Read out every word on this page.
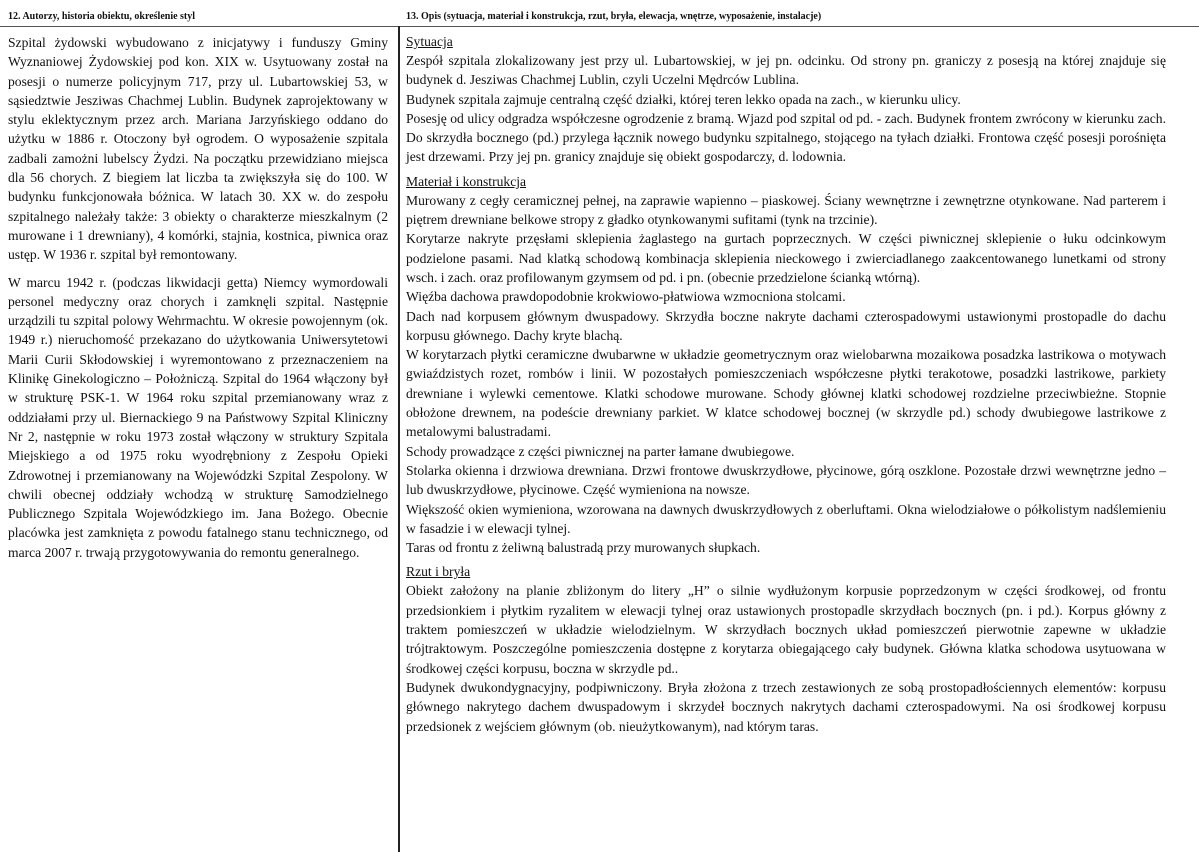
12. Autorzy, historia obiektu, określenie styl	13. Opis (sytuacja, materiał i konstrukcja, rzut, bryła, elewacja, wnętrze, wyposażenie, instalacje)

Szpital żydowski wybudowano z inicjatywy i funduszy Gminy Wyznaniowej Żydowskiej pod kon. XIX w. Usytuowany został na posesji o numerze policyjnym 717, przy ul. Lubartowskiej 53, w sąsiedztwie Jesziwas Chachmej Lublin. Budynek zaprojektowany w stylu eklektycznym przez arch. Mariana Jarzyńskiego oddano do użytku w 1886 r. Otoczony był ogrodem. O wyposażenie szpitala zadbali zamożni lubelscy Żydzi. Na początku przewidziano miejsca dla 56 chorych. Z biegiem lat liczba ta zwiększyła się do 100. W budynku funkcjonowała bóżnica. W latach 30. XX w. do zespołu szpitalnego należały także: 3 obiekty o charakterze mieszkalnym (2 murowane i 1 drewniany), 4 komórki, stajnia, kostnica, piwnica oraz ustęp. W 1936 r. szpital był remontowany.

W marcu 1942 r. (podczas likwidacji getta) Niemcy wymordowali personel medyczny oraz chorych i zamknęli szpital. Następnie urządzili tu szpital polowy Wehrmachtu. W okresie powojennym (ok. 1949 r.) nieruchomość przekazano do użytkowania Uniwersytetowi Marii Curii Skłodowskiej i wyremontowano z przeznaczeniem na Klinikę Ginekologiczno – Położniczą. Szpital do 1964 włączony był w strukturę PSK-1. W 1964 roku szpital przemianowany wraz z oddziałami przy ul. Biernackiego 9 na Państwowy Szpital Kliniczny Nr 2, następnie w roku 1973 został włączony w struktury Szpitala Miejskiego a od 1975 roku wyodrębniony z Zespołu Opieki Zdrowotnej i przemianowany na Wojewódzki Szpital Zespolony. W chwili obecnej oddziały wchodzą w strukturę Samodzielnego Publicznego Szpitala Wojewódzkiego im. Jana Bożego. Obecnie placówka jest zamknięta z powodu fatalnego stanu technicznego, od marca 2007 r. trwają przygotowywania do remontu generalnego.

Sytuacja

Zespół szpitala zlokalizowany jest przy ul. Lubartowskiej, w jej pn. odcinku. Od strony pn. graniczy z posesją na której znajduje się budynek d. Jesziwas Chachmej Lublin, czyli Uczelni Mędrców Lublina.

Budynek szpitala zajmuje centralną część działki, której teren lekko opada na zach., w kierunku ulicy.

Posesję od ulicy odgradza współczesne ogrodzenie z bramą. Wjazd pod szpital od pd. - zach. Budynek frontem zwrócony w kierunku zach. Do skrzydła bocznego (pd.) przylega łącznik nowego budynku szpitalnego, stojącego na tyłach działki. Frontowa część posesji porośnięta jest drzewami. Przy jej pn. granicy znajduje się obiekt gospodarczy, d. lodownia.

Materiał i konstrukcja

Murowany z cegły ceramicznej pełnej, na zaprawie wapienno – piaskowej. Ściany wewnętrzne i zewnętrzne otynkowane. Nad parterem i piętrem drewniane belkowe stropy z gładko otynkowanymi sufitami (tynk na trzcinie).

Korytarze nakryte przęsłami sklepienia żaglastego na gurtach poprzecznych. W części piwnicznej sklepienie o łuku odcinkowym podzielone pasami. Nad klatką schodową kombinacja sklepienia nieckowego i zwierciadlanego zaakcentowanego lunetkami od strony wsch. i zach. oraz profilowanym gzymsem od pd. i pn. (obecnie przedzielone ścianką wtórną).

Więźba dachowa prawdopodobnie krokwiowo-płatwiowa wzmocniona stolcami.

Dach nad korpusem głównym dwuspadowy. Skrzydła boczne nakryte dachami czterospadowymi ustawionymi prostopadle do dachu korpusu głównego. Dachy kryte blachą.

W korytarzach płytki ceramiczne dwubarwne w układzie geometrycznym oraz wielobarwna mozaikowa posadzka lastrikowa o motywach gwiaździstych rozet, rombów i linii. W pozostałych pomieszczeniach współczesne płytki terakotowe, posadzki lastrikowe, parkiety drewniane i wylewki cementowe. Klatki schodowe murowane. Schody głównej klatki schodowej rozdzielne przeciwbieżne. Stopnie obłożone drewnem, na podeście drewniany parkiet. W klatce schodowej bocznej (w skrzydle pd.) schody dwubiegowe lastrikowe z metalowymi balustradami.

Schody prowadzące z części piwnicznej na parter łamane dwubiegowe.

Stolarka okienna i drzwiowa drewniana. Drzwi frontowe dwuskrzydłowe, płycinowe, górą oszklone. Pozostałe drzwi wewnętrzne jedno – lub dwuskrzydłowe, płycinowe. Część wymieniona na nowsze.

Większość okien wymieniona, wzorowana na dawnych dwuskrzydłowych z oberluftami. Okna wielodziałowe o półkolistym nadślemieniu w fasadzie i w elewacji tylnej.

Taras od frontu z żeliwną balustradą przy murowanych słupkach.

Rzut i bryła

Obiekt założony na planie zbliżonym do litery „H” o silnie wydłużonym korpusie poprzedzonym w części środkowej, od frontu przedsionkiem i płytkim ryzalitem w elewacji tylnej oraz ustawionych prostopadle skrzydłach bocznych (pn. i pd.). Korpus główny z traktem pomieszczeń w układzie wielodzielnym. W skrzydłach bocznych układ pomieszczeń pierwotnie zapewne w układzie trójtraktowym. Poszczególne pomieszczenia dostępne z korytarza obiegającego cały budynek. Główna klatka schodowa usytuowana w środkowej części korpusu, boczna w skrzydle pd..

Budynek dwukondygnacyjny, podpiwniczony. Bryła złożona z trzech zestawionych ze sobą prostopadłościennych elementów: korpusu głównego nakrytego dachem dwuspadowym i skrzydeł bocznych nakrytych dachami czterospadowymi. Na osi środkowej korpusu przedsionek z wejściem głównym (ob. nieużytkowanym), nad którym taras.
